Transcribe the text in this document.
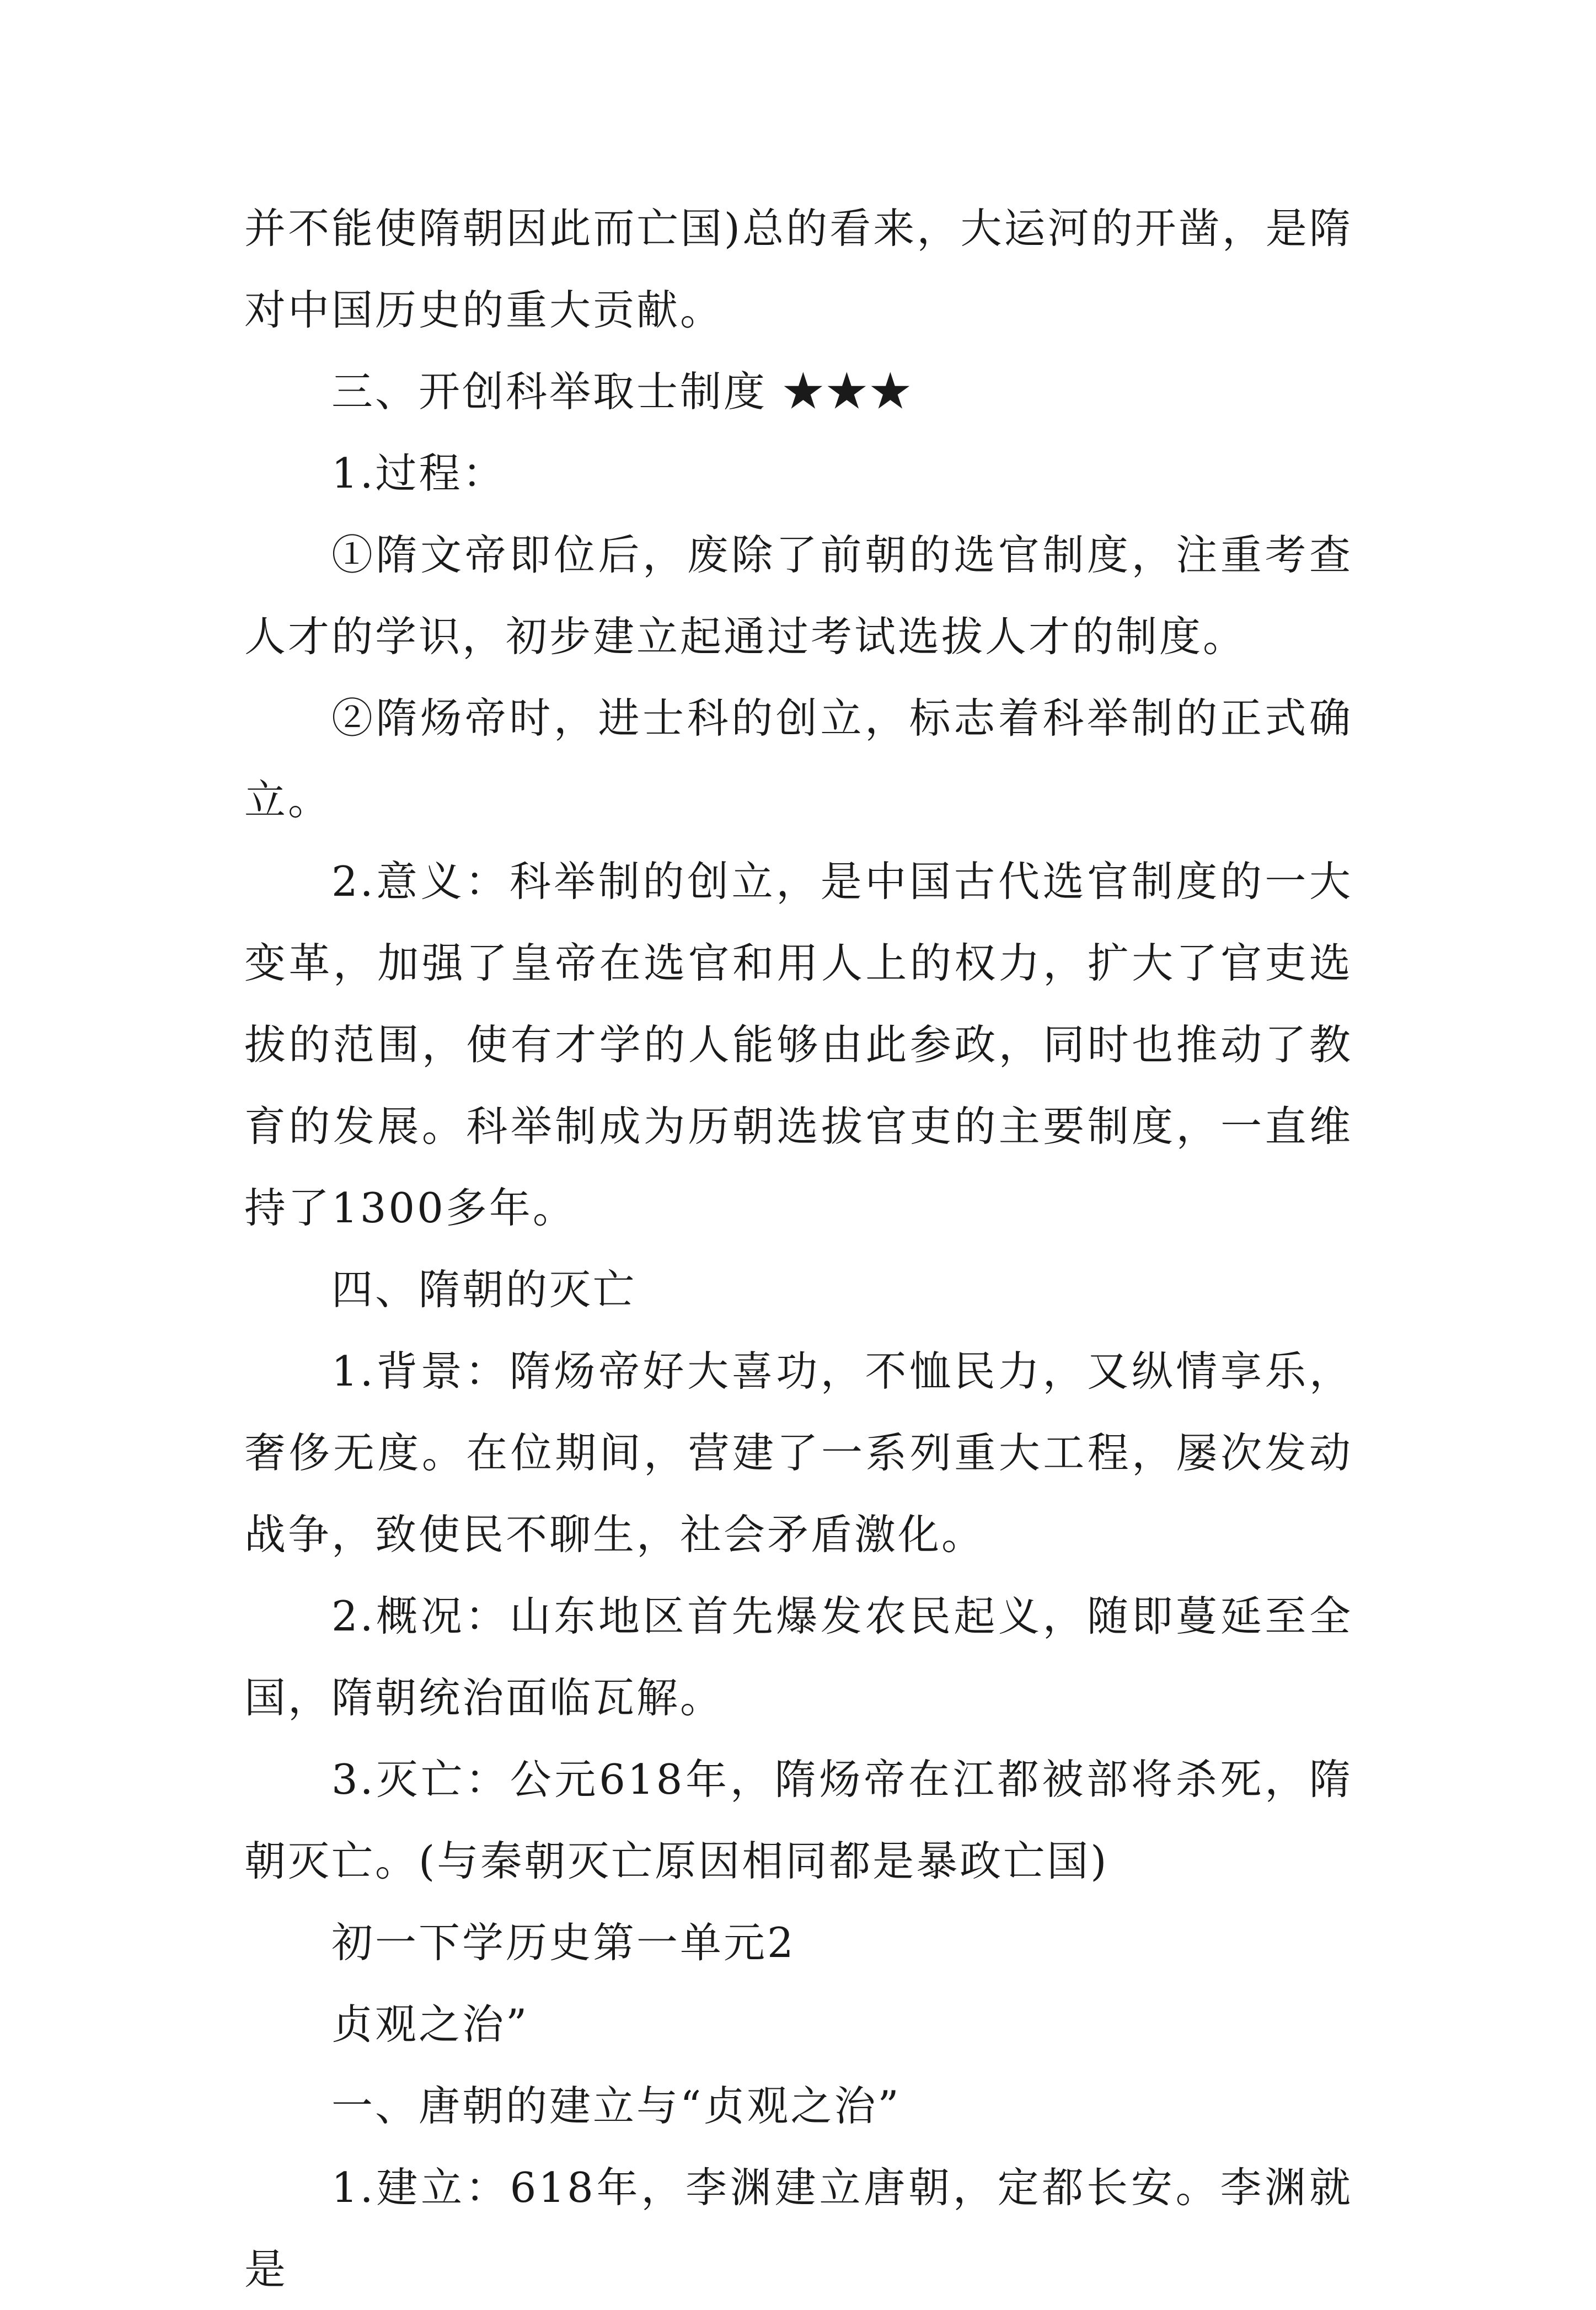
并不能使隋朝因此而亡国)总的看来，大运河的开凿，是隋对中国历史的重大贡献。

三、开创科举取士制度 ★★★

1.过程：

①隋文帝即位后，废除了前朝的选官制度，注重考查人才的学识，初步建立起通过考试选拔人才的制度。

②隋炀帝时，进士科的创立，标志着科举制的正式确立。

2.意义：科举制的创立，是中国古代选官制度的一大变革，加强了皇帝在选官和用人上的权力，扩大了官吏选拔的范围，使有才学的人能够由此参政，同时也推动了教育的发展。科举制成为历朝选拔官吏的主要制度，一直维持了1300多年。

四、隋朝的灭亡

1.背景：隋炀帝好大喜功，不恤民力，又纵情享乐，奢侈无度。在位期间，营建了一系列重大工程，屡次发动战争，致使民不聊生，社会矛盾激化。

2.概况：山东地区首先爆发农民起义，随即蔓延至全国，隋朝统治面临瓦解。

3.灭亡：公元618年，隋炀帝在江都被部将杀死，隋朝灭亡。(与秦朝灭亡原因相同都是暴政亡国)

初一下学历史第一单元2

贞观之治”

一、唐朝的建立与“贞观之治”

1.建立：618年，李渊建立唐朝，定都长安。李渊就是
